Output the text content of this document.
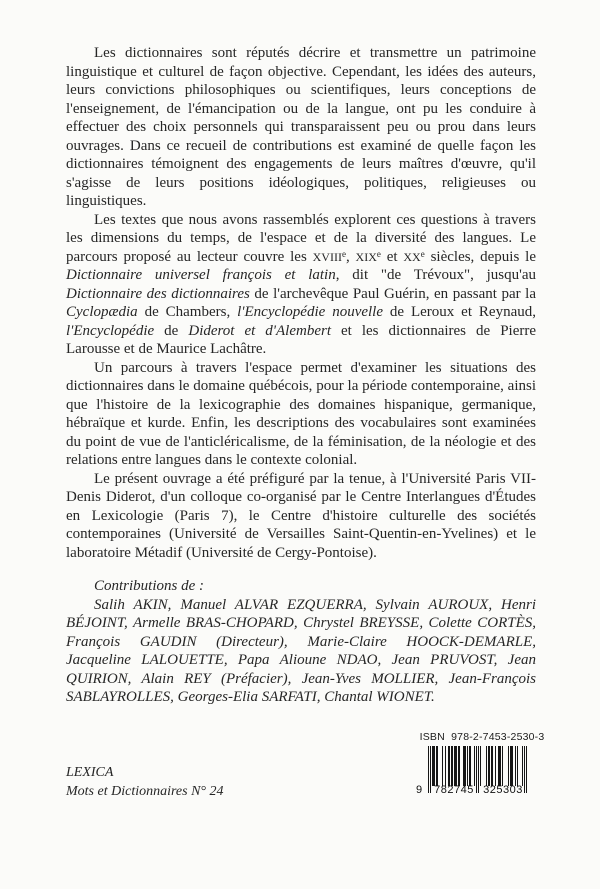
Les dictionnaires sont réputés décrire et transmettre un patrimoine linguistique et culturel de façon objective. Cependant, les idées des auteurs, leurs convictions philosophiques ou scientifiques, leurs conceptions de l'enseignement, de l'émancipation ou de la langue, ont pu les conduire à effectuer des choix personnels qui transparaissent peu ou prou dans leurs ouvrages. Dans ce recueil de contributions est examiné de quelle façon les dictionnaires témoignent des engagements de leurs maîtres d'œuvre, qu'il s'agisse de leurs positions idéologiques, politiques, religieuses ou linguistiques.

Les textes que nous avons rassemblés explorent ces questions à travers les dimensions du temps, de l'espace et de la diversité des langues. Le parcours proposé au lecteur couvre les XVIIIe, XIXe et XXe siècles, depuis le Dictionnaire universel françois et latin, dit "de Trévoux", jusqu'au Dictionnaire des dictionnaires de l'archevêque Paul Guérin, en passant par la Cyclopædia de Chambers, l'Encyclopédie nouvelle de Leroux et Reynaud, l'Encyclopédie de Diderot et d'Alembert et les dictionnaires de Pierre Larousse et de Maurice Lachâtre.

Un parcours à travers l'espace permet d'examiner les situations des dictionnaires dans le domaine québécois, pour la période contemporaine, ainsi que l'histoire de la lexicographie des domaines hispanique, germanique, hébraïque et kurde. Enfin, les descriptions des vocabulaires sont examinées du point de vue de l'anticléricalisme, de la féminisation, de la néologie et des relations entre langues dans le contexte colonial.

Le présent ouvrage a été préfiguré par la tenue, à l'Université Paris VII-Denis Diderot, d'un colloque co-organisé par le Centre Interlangues d'Études en Lexicologie (Paris 7), le Centre d'histoire culturelle des sociétés contemporaines (Université de Versailles Saint-Quentin-en-Yvelines) et le laboratoire Métadif (Université de Cergy-Pontoise).

Contributions de :

Salih AKIN, Manuel ALVAR EZQUERRA, Sylvain AUROUX, Henri BÉJOINT, Armelle BRAS-CHOPARD, Chrystel BREYSSE, Colette CORTÈS, François GAUDIN (Directeur), Marie-Claire HOOCK-DEMARLE, Jacqueline LALOUETTE, Papa Alioune NDAO, Jean PRUVOST, Jean QUIRION, Alain REY (Préfacier), Jean-Yves MOLLIER, Jean-François SABLAYROLLES, Georges-Elia SARFATI, Chantal WIONET.

LEXICA
Mots et Dictionnaires N° 24
ISBN  978-2-7453-2530-3
9 782745 325303
